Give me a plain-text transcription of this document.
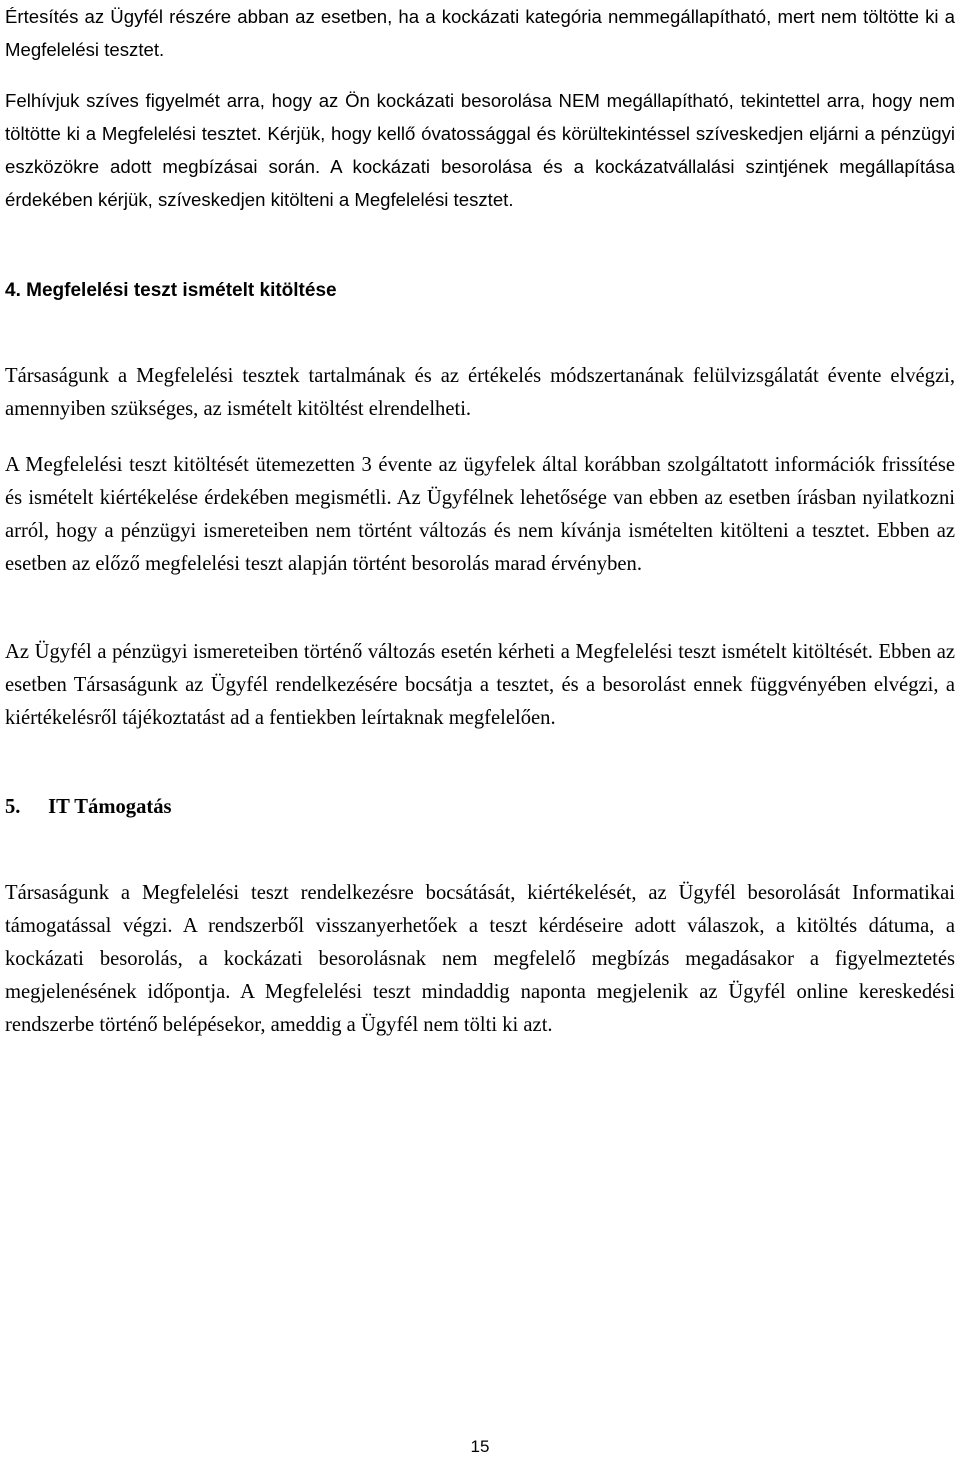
Értesítés az Ügyfél részére abban az esetben, ha a kockázati kategória nemmegállapítható, mert nem töltötte ki a Megfelelési tesztet.

Felhívjuk szíves figyelmét arra, hogy az Ön kockázati besorolása NEM megállapítható, tekintettel arra, hogy nem töltötte ki a Megfelelési tesztet. Kérjük, hogy kellő óvatossággal és körültekintéssel szíveskedjen eljárni a pénzügyi eszközökre adott megbízásai során. A kockázati besorolása és a kockázatvállalási szintjének megállapítása érdekében kérjük, szíveskedjen kitölteni a Megfelelési tesztet.

4. Megfelelési teszt ismételt kitöltése

Társaságunk a Megfelelési tesztek tartalmának és az értékelés módszertanának felülvizsgálatát évente elvégzi, amennyiben szükséges, az ismételt kitöltést elrendelheti.

A Megfelelési teszt kitöltését ütemezetten 3 évente az ügyfelek által korábban szolgáltatott információk frissítése és ismételt kiértékelése érdekében megismétli. Az Ügyfélnek lehetősége van ebben az esetben írásban nyilatkozni arról, hogy a pénzügyi ismereteiben nem történt változás és nem kívánja ismételten kitölteni a tesztet. Ebben az esetben az előző megfelelési teszt alapján történt besorolás marad érvényben.

Az Ügyfél a pénzügyi ismereteiben történő változás esetén kérheti a Megfelelési teszt ismételt kitöltését. Ebben az esetben Társaságunk az Ügyfél rendelkezésére bocsátja a tesztet, és a besorolást ennek függvényében elvégzi, a kiértékelésről tájékoztatást ad a fentiekben leírtaknak megfelelően.

5. IT Támogatás

Társaságunk a Megfelelési teszt rendelkezésre bocsátását, kiértékelését, az Ügyfél besorolását Informatikai támogatással végzi. A rendszerből visszanyerhetőek a teszt kérdéseire adott válaszok, a kitöltés dátuma, a kockázati besorolás, a kockázati besorolásnak nem megfelelő megbízás megadásakor a figyelmeztetés megjelenésének időpontja. A Megfelelési teszt mindaddig naponta megjelenik az Ügyfél online kereskedési rendszerbe történő belépésekor, ameddig a Ügyfél nem tölti ki azt.

15
